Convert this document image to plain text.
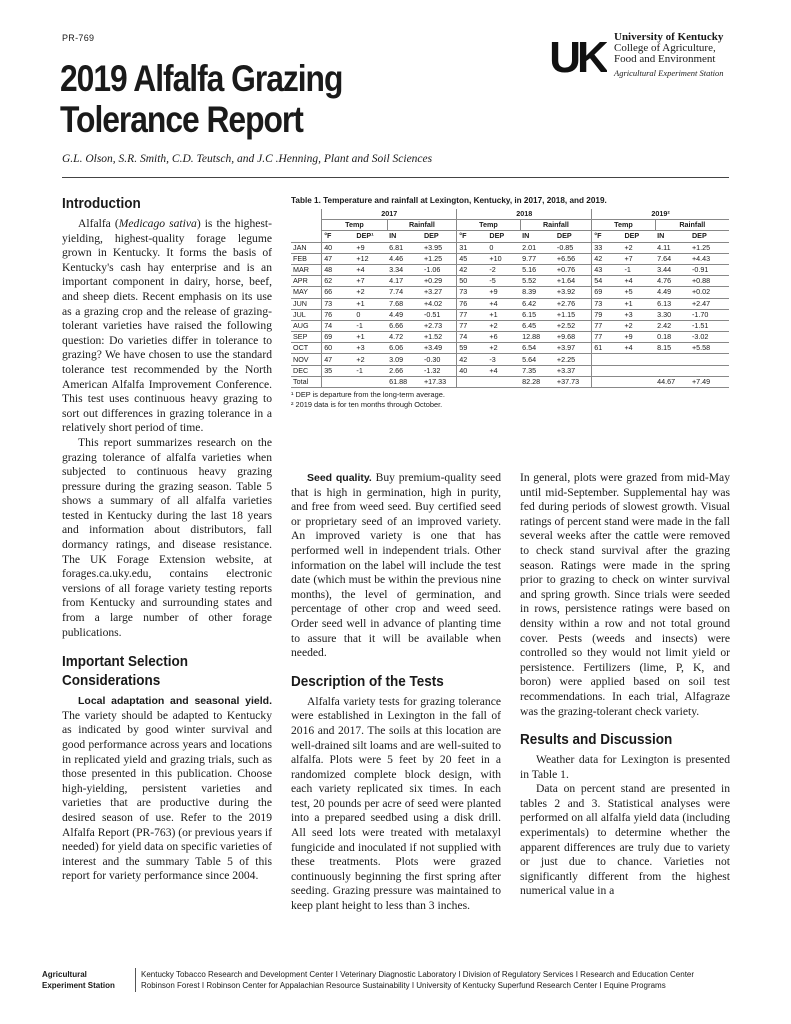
PR-769
2019 Alfalfa Grazing
Tolerance Report
G.L. Olson, S.R. Smith, C.D. Teutsch, and J.C .Henning, Plant and Soil Sciences
UK University of Kentucky
College of Agriculture,
Food and Environment
Agricultural Experiment Station
Introduction

Alfalfa (Medicago sativa) is the highest-yielding, highest-quality forage legume grown in Kentucky. It forms the basis of Kentucky's cash hay enterprise and is an important component in dairy, horse, beef, and sheep diets. Recent emphasis on its use as a grazing crop and the release of grazing-tolerant varieties have raised the following question: Do varieties differ in tolerance to grazing? We have chosen to use the standard tolerance test recommended by the North American Alfalfa Improvement Conference. This test uses continuous heavy grazing to sort out differences in grazing tolerance in a relatively short period of time.

This report summarizes research on the grazing tolerance of alfalfa varieties when subjected to continuous heavy grazing pressure during the grazing season. Table 5 shows a summary of all alfalfa varieties tested in Kentucky during the last 18 years and information about distributors, fall dormancy ratings, and disease resistance. The UK Forage Extension website, at forages.ca.uky.edu, contains electronic versions of all forage variety testing reports from Kentucky and surrounding states and from a large number of other forage publications.

Important Selection Considerations

Local adaptation and seasonal yield. The variety should be adapted to Kentucky as indicated by good winter survival and good performance across years and locations in replicated yield and grazing trials, such as those presented in this publication. Choose high-yielding, persistent varieties and varieties that are productive during the desired season of use. Refer to the 2019 Alfalfa Report (PR-763) (or previous years if needed) for yield data on specific varieties of interest and the summary Table 5 of this report for variety performance since 2004.

Table 1. Temperature and rainfall at Lexington, Kentucky, in 2017, 2018, and 2019.
	2017				2018				2019²			
	Temp		Rainfall		Temp		Rainfall		Temp		Rainfall	
	°F	DEP¹	IN	DEP	°F	DEP	IN	DEP	°F	DEP	IN	DEP
JAN	40	+9	6.81	+3.95	31	0	2.01	-0.85	33	+2	4.11	+1.25
FEB	47	+12	4.46	+1.25	45	+10	9.77	+6.56	42	+7	7.64	+4.43
MAR	48	+4	3.34	-1.06	42	-2	5.16	+0.76	43	-1	3.44	-0.91
APR	62	+7	4.17	+0.29	50	-5	5.52	+1.64	54	+4	4.76	+0.88
MAY	66	+2	7.74	+3.27	73	+9	8.39	+3.92	69	+5	4.49	+0.02
JUN	73	+1	7.68	+4.02	76	+4	6.42	+2.76	73	+1	6.13	+2.47
JUL	76	0	4.49	-0.51	77	+1	6.15	+1.15	79	+3	3.30	-1.70
AUG	74	-1	6.66	+2.73	77	+2	6.45	+2.52	77	+2	2.42	-1.51
SEP	69	+1	4.72	+1.52	74	+6	12.88	+9.68	77	+9	0.18	-3.02
OCT	60	+3	6.06	+3.49	59	+2	6.54	+3.97	61	+4	8.15	+5.58
NOV	47	+2	3.09	-0.30	42	-3	5.64	+2.25				
DEC	35	-1	2.66	-1.32	40	+4	7.35	+3.37				
Total			61.88	+17.33			82.28	+37.73			44.67	+7.49
¹ DEP is departure from the long-term average.
² 2019 data is for ten months through October.

Seed quality. Buy premium-quality seed that is high in germination, high in purity, and free from weed seed. Buy certified seed or proprietary seed of an improved variety. An improved variety is one that has performed well in independent trials. Other information on the label will include the test date (which must be within the previous nine months), the level of germination, and percentage of other crop and weed seed. Order seed well in advance of planting time to assure that it will be available when needed.

Description of the Tests

Alfalfa variety tests for grazing tolerance were established in Lexington in the fall of 2016 and 2017. The soils at this location are well-drained silt loams and are well-suited to alfalfa. Plots were 5 feet by 20 feet in a randomized complete block design, with each variety replicated six times. In each test, 20 pounds per acre of seed were planted into a prepared seedbed using a disk drill. All seed lots were treated with metalaxyl fungicide and inoculated if not supplied with these treatments. Plots were grazed continuously beginning the first spring after seeding. Grazing pressure was maintained to keep plant height to less than 3 inches.

In general, plots were grazed from mid-May until mid-September. Supplemental hay was fed during periods of slowest growth. Visual ratings of percent stand were made in the fall several weeks after the cattle were removed to check stand survival after the grazing season. Ratings were made in the spring prior to grazing to check on winter survival and spring growth. Since trials were seeded in rows, persistence ratings were based on density within a row and not total ground cover. Pests (weeds and insects) were controlled so they would not limit yield or persistence. Fertilizers (lime, P, K, and boron) were applied based on soil test recommendations. In each trial, Alfagraze was the grazing-tolerant check variety.

Results and Discussion

Weather data for Lexington is presented in Table 1.

Data on percent stand are presented in tables 2 and 3. Statistical analyses were performed on all alfalfa yield data (including experimentals) to determine whether the apparent differences are truly due to variety or just due to chance. Varieties not significantly different from the highest numerical value in a

Agricultural
Experiment Station
Kentucky Tobacco Research and Development Center I Veterinary Diagnostic Laboratory I Division of Regulatory Services I Research and Education Center
Robinson Forest I Robinson Center for Appalachian Resource Sustainability I University of Kentucky Superfund Research Center I Equine Programs
